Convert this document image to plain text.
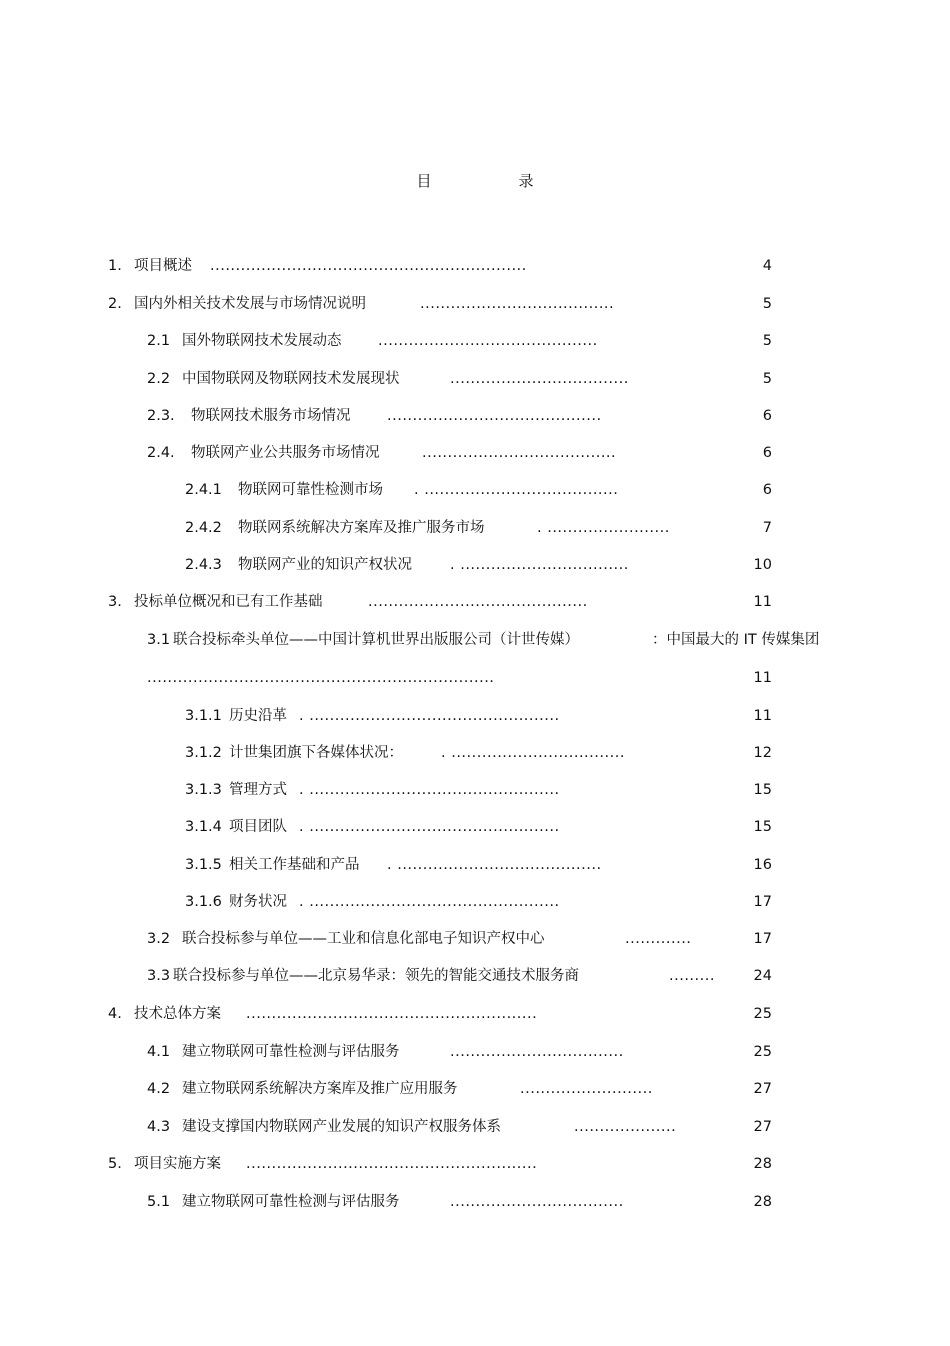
目　录
1. 项目概述 ..............................................................	4
2. 国内外相关技术发展与市场情况说明	......................................	5
2.1 国外物联网技术发展动态	...........................................	5
2.2 中国物联网及物联网技术发展现状	...................................	5
2.3. 物联网技术服务市场情况	..........................................	6
2.4. 物联网产业公共服务市场情况	......................................	6
2.4.1 物联网可靠性检测市场 . ......................................	6
2.4.2 物联网系统解决方案库及推广服务市场	. ........................	7
2.4.3 物联网产业的知识产权状况	. .................................	10
3. 投标单位概况和已有工作基础	...........................................	11
3.1 联合投标牵头单位——中国计算机世界出版服公司（计世传媒）	：中国最大的 IT 传媒集团
....................................................................	11
3.1.1 历史沿革 . .................................................	11
3.1.2 计世集团旗下各媒体状况：	. ..................................	12
3.1.3 管理方式 . .................................................	15
3.1.4 项目团队 . .................................................	15
3.1.5 相关工作基础和产品 . ........................................	16
3.1.6 财务状况 . .................................................	17
3.2 联合投标参与单位——工业和信息化部电子知识产权中心	.............	17
3.3 联合投标参与单位——北京易华录：领先的智能交通技术服务商	.........	24
4. 技术总体方案 .........................................................	25
4.1 建立物联网可靠性检测与评估服务	..................................	25
4.2 建立物联网系统解决方案库及推广应用服务	..........................	27
4.3 建设支撑国内物联网产业发展的知识产权服务体系	....................	27
5. 项目实施方案 .........................................................	28
5.1 建立物联网可靠性检测与评估服务	..................................	28
